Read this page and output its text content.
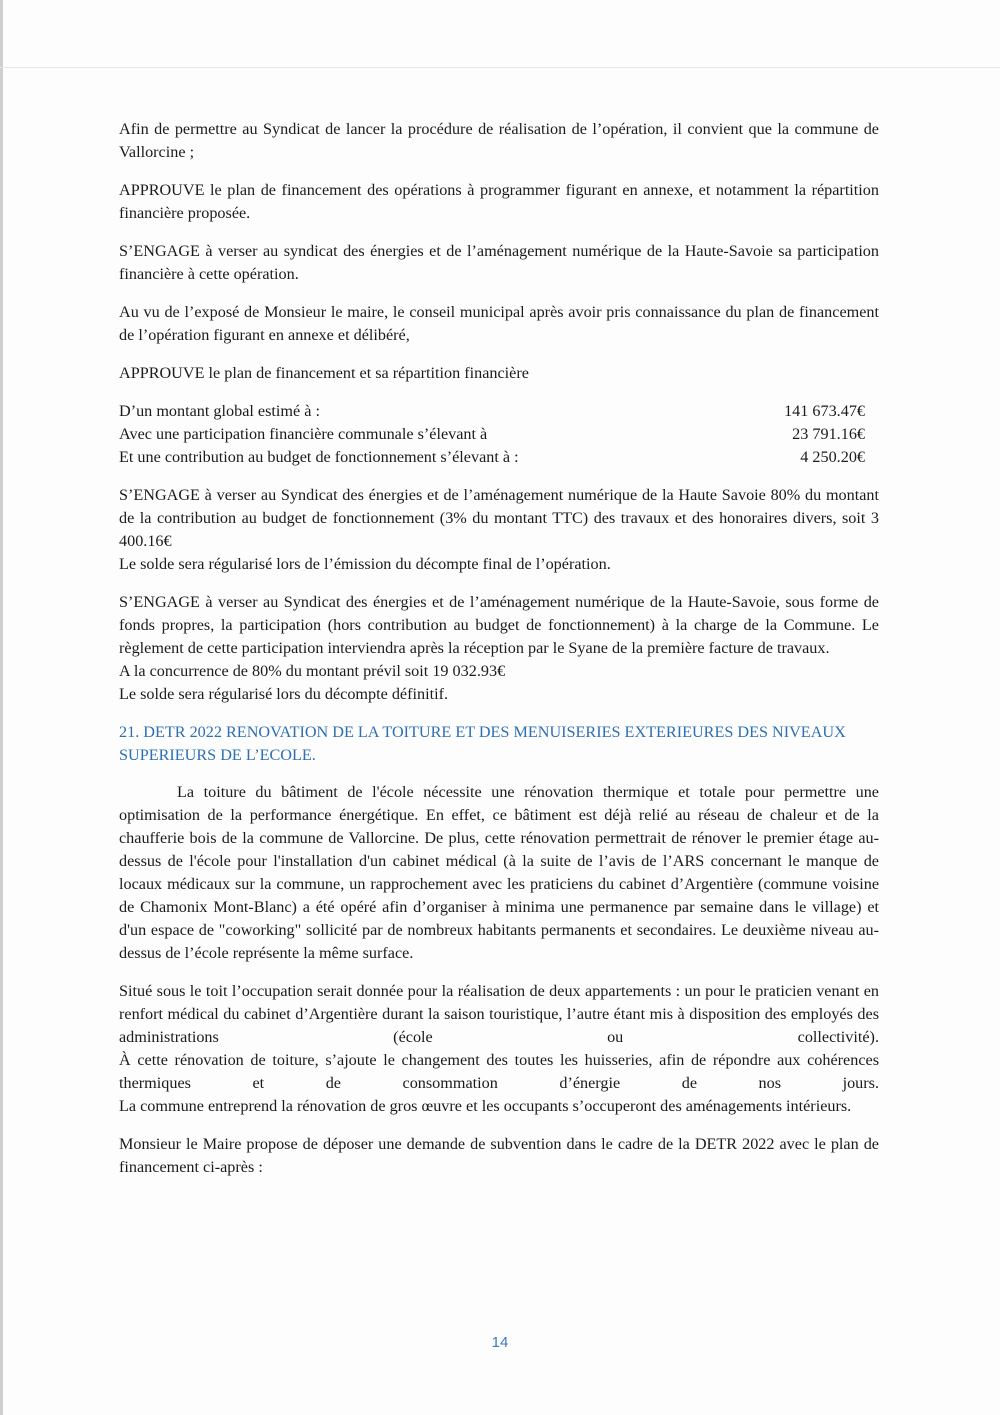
Afin de permettre au Syndicat de lancer la procédure de réalisation de l’opération, il convient que la commune de Vallorcine ;

APPROUVE le plan de financement des opérations à programmer figurant en annexe, et notamment la répartition financière proposée.

S’ENGAGE à verser au syndicat des énergies et de l’aménagement numérique de la Haute-Savoie sa participation financière à cette opération.

Au vu de l’exposé de Monsieur le maire, le conseil municipal après avoir pris connaissance du plan de financement de l’opération figurant en annexe et délibéré,

APPROUVE le plan de financement et sa répartition financière

D’un montant global estimé à :	141 673.47€
Avec une participation financière communale s’élevant à	23 791.16€
Et une contribution au budget de fonctionnement s’élevant à :	4 250.20€

S’ENGAGE à verser au Syndicat des énergies et de l’aménagement numérique de la Haute Savoie 80% du montant de la contribution au budget de fonctionnement (3% du montant TTC) des travaux et des honoraires divers, soit 3 400.16€

Le solde sera régularisé lors de l’émission du décompte final de l’opération.

S’ENGAGE à verser au Syndicat des énergies et de l’aménagement numérique de la Haute-Savoie, sous forme de fonds propres, la participation (hors contribution au budget de fonctionnement) à la charge de la Commune. Le règlement de cette participation interviendra après la réception par le Syane de la première facture de travaux.

A la concurrence de 80% du montant prévil soit 19 032.93€

Le solde sera régularisé lors du décompte définitif.

21. DETR 2022 RENOVATION DE LA TOITURE ET DES MENUISERIES EXTERIEURES DES NIVEAUX SUPERIEURS DE L’ECOLE.

La toiture du bâtiment de l'école nécessite une rénovation thermique et totale pour permettre une optimisation de la performance énergétique. En effet, ce bâtiment est déjà relié au réseau de chaleur et de la chaufferie bois de la commune de Vallorcine. De plus, cette rénovation permettrait de rénover le premier étage au-dessus de l'école pour l'installation d'un cabinet médical (à la suite de l’avis de l’ARS concernant le manque de locaux médicaux sur la commune, un rapprochement avec les praticiens du cabinet d’Argentière (commune voisine de Chamonix Mont-Blanc) a été opéré afin d’organiser à minima une permanence par semaine dans le village) et d'un espace de "coworking" sollicité par de nombreux habitants permanents et secondaires. Le deuxième niveau au-dessus de l’école représente la même surface.

Situé sous le toit l’occupation serait donnée pour la réalisation de deux appartements : un pour le praticien venant en renfort médical du cabinet d’Argentière durant la saison touristique, l’autre étant mis à disposition des employés des administrations (école ou collectivité).

À cette rénovation de toiture, s’ajoute le changement des toutes les huisseries, afin de répondre aux cohérences thermiques et de consommation d’énergie de nos jours.

La commune entreprend la rénovation de gros œuvre et les occupants s’occuperont des aménagements intérieurs.

Monsieur le Maire propose de déposer une demande de subvention dans le cadre de la DETR 2022 avec le plan de financement ci-après :

14
